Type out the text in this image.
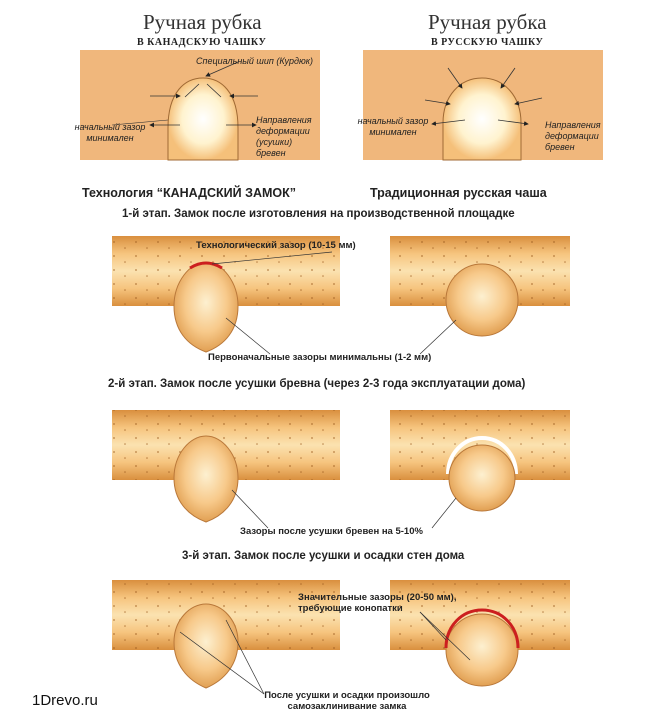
Ручная рубка
В КАНАДСКУЮ ЧАШКУ
Ручная рубка
В РУССКУЮ ЧАШКУ
Специальный шип (Курдюк)
начальный зазор минимален
Направления деформации (усушки) бревен
начальный зазор минимален
Направления деформации бревен
Технология “КАНАДСКИЙ ЗАМОК”	Традиционная русская чаша
1-й этап. Замок после изготовления на производственной площадке
Технологический зазор (10-15 мм)
Первоначальные зазоры минимальны (1-2 мм)
2-й этап. Замок после усушки бревна (через 2-3 года эксплуатации дома)
Зазоры после усушки бревен на 5-10%
3-й этап. Замок после усушки и осадки стен дома
Значительные зазоры (20-50 мм), требующие конопатки
После усушки и осадки произошло самозаклинивание замка
1Drevo.ru
